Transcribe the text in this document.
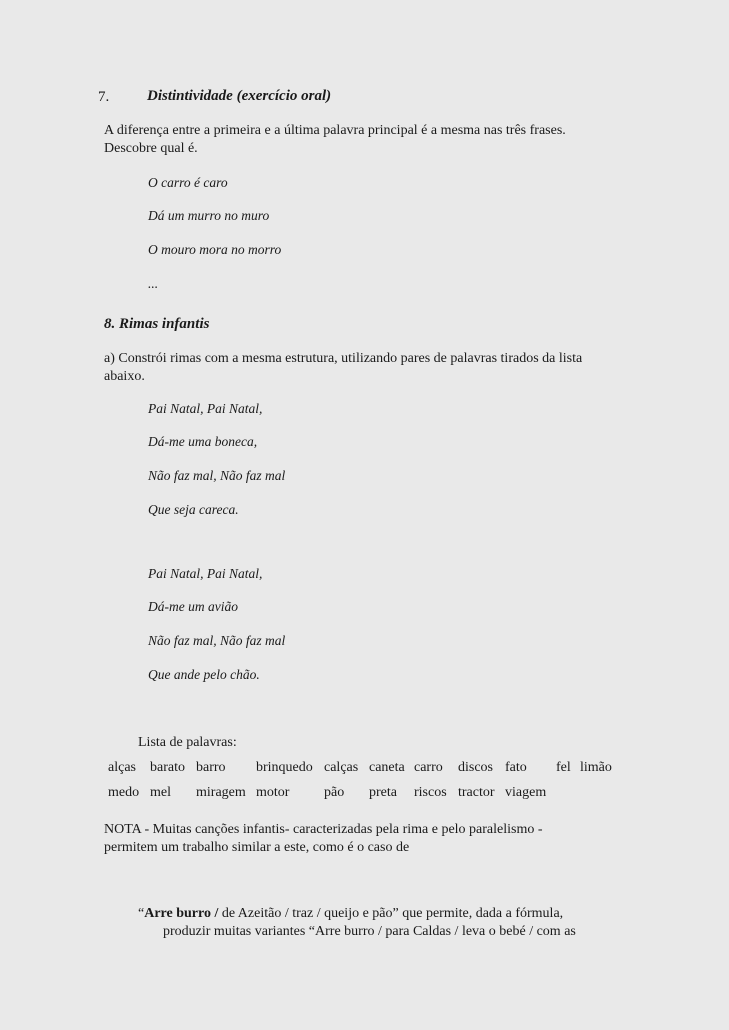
7.	Distintividade (exercício oral)
A diferença entre a primeira e a última palavra principal é a mesma nas três frases.
Descobre qual é.
O carro é caro
Dá um murro no muro
O mouro mora no morro
...
8. Rimas infantis
a) Constrói rimas com a mesma estrutura, utilizando pares de palavras tirados da lista
abaixo.
Pai Natal, Pai Natal,
Dá-me uma boneca,
Não faz mal, Não faz mal
Que seja careca.
Pai Natal, Pai Natal,
Dá-me um avião
Não faz mal, Não faz mal
Que ande pelo chão.
Lista de palavras:
alças barato barro brinquedo calças caneta carro discos fato fel limão
medo mel miragem motor pão preta riscos tractor viagem
NOTA - Muitas canções infantis- caracterizadas pela rima e pelo paralelismo -
permitem um trabalho similar a este, como é o caso de
“Arre burro / de Azeitão / traz / queijo e pão” que permite, dada a fórmula,
produzir muitas variantes “Arre burro / para Caldas / leva o bebé / com as
